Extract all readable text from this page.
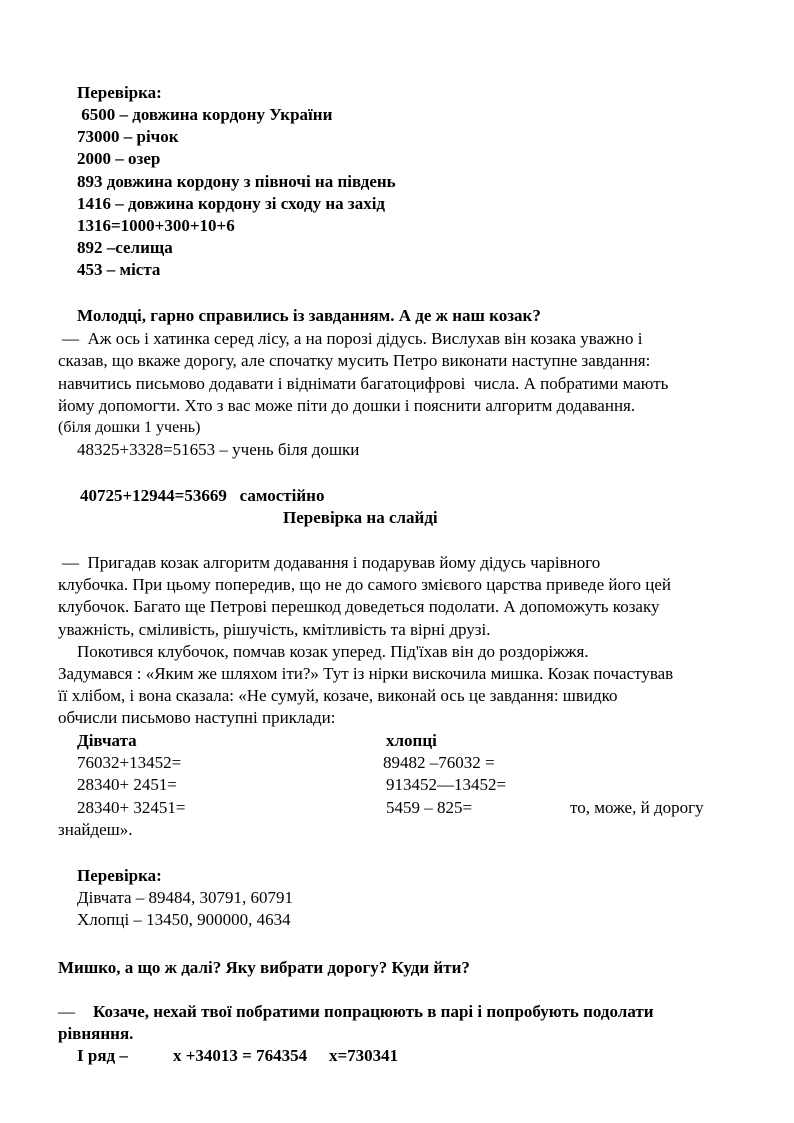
Перевірка:
6500 – довжина кордону України
73000 – річок
2000 – озер
893 довжина кордону з півночі на південь
1416 – довжина кордону зі сходу на захід
1316=1000+300+10+6
892 –селища
453 – міста
Молодці, гарно справились із завданням. А де ж наш козак?
—  Аж ось і хатинка серед лісу, а на порозі дідусь. Вислухав він козака уважно і
сказав, що вкаже дорогу, але спочатку мусить Петро виконати наступне завдання:
навчитись письмово додавати і віднімати багатоцифрові  числа. А побратими мають
йому допомогти. Хто з вас може піти до дошки і пояснити алгоритм додавання.
(біля дошки 1 учень)
48325+3328=51653 – учень біля дошки
40725+12944=53669   самостійно
Перевірка на слайді
—  Пригадав козак алгоритм додавання і подарував йому дідусь чарівного
клубочка. При цьому попередив, що не до самого змієвого царства приведе його цей
клубочок. Багато ще Петрові перешкод доведеться подолати. А допоможуть козаку
уважність, сміливість, рішучість, кмітливість та вірні друзі.
Покотився клубочок, помчав козак уперед. Під'їхав він до роздоріжжя.
Задумався : «Яким же шляхом іти?» Тут із нірки вискочила мишка. Козак почастував
її хлібом, і вона сказала: «Не сумуй, козаче, виконай ось це завдання: швидко
обчисли письмово наступні приклади:
Дівчата	хлопці
76032+13452=	89482 –76032 =
28340+ 2451=	913452—13452=
28340+ 32451=	5459 – 825=	то, може, й дорогу
знайдеш».
Перевірка:
Дівчата – 89484, 30791, 60791
Хлопці – 13450, 900000, 4634
Мишко, а що ж далі? Яку вибрати дорогу? Куди йти?
— Козаче, нехай твої побратими попрацюють в парі і попробують подолати
рівняння.
I ряд –	x +34013 = 764354 x=730341
